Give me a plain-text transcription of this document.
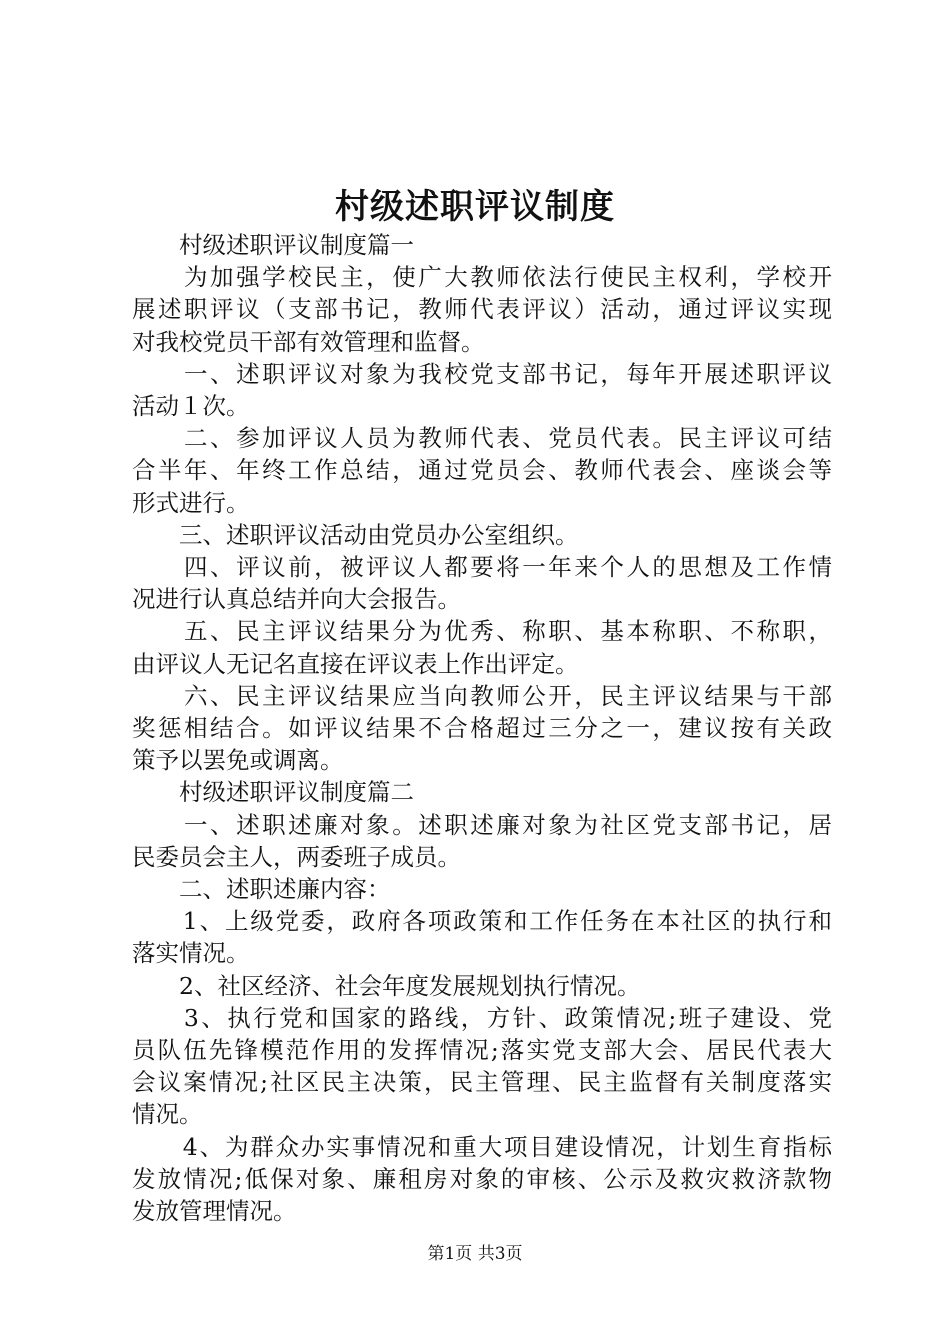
村级述职评议制度
　　村级述职评议制度篇一
　　为加强学校民主，使广大教师依法行使民主权利，学校开
展述职评议（支部书记，教师代表评议）活动，通过评议实现
对我校党员干部有效管理和监督。
　　一、述职评议对象为我校党支部书记，每年开展述职评议
活动１次。
　　二、参加评议人员为教师代表、党员代表。民主评议可结
合半年、年终工作总结，通过党员会、教师代表会、座谈会等
形式进行。
　　三、述职评议活动由党员办公室组织。
　　四、评议前，被评议人都要将一年来个人的思想及工作情
况进行认真总结并向大会报告。
　　五、民主评议结果分为优秀、称职、基本称职、不称职，
由评议人无记名直接在评议表上作出评定。
　　六、民主评议结果应当向教师公开，民主评议结果与干部
奖惩相结合。如评议结果不合格超过三分之一，建议按有关政
策予以罢免或调离。
　　村级述职评议制度篇二
　　一、述职述廉对象。述职述廉对象为社区党支部书记，居
民委员会主人，两委班子成员。
　　二、述职述廉内容：
　　1、上级党委，政府各项政策和工作任务在本社区的执行和
落实情况。
　　2、社区经济、社会年度发展规划执行情况。
　　3、执行党和国家的路线，方针、政策情况;班子建设、党
员队伍先锋模范作用的发挥情况;落实党支部大会、居民代表大
会议案情况;社区民主决策，民主管理、民主监督有关制度落实
情况。
　　4、为群众办实事情况和重大项目建设情况，计划生育指标
发放情况;低保对象、廉租房对象的审核、公示及救灾救济款物
发放管理情况。
第1页 共3页
